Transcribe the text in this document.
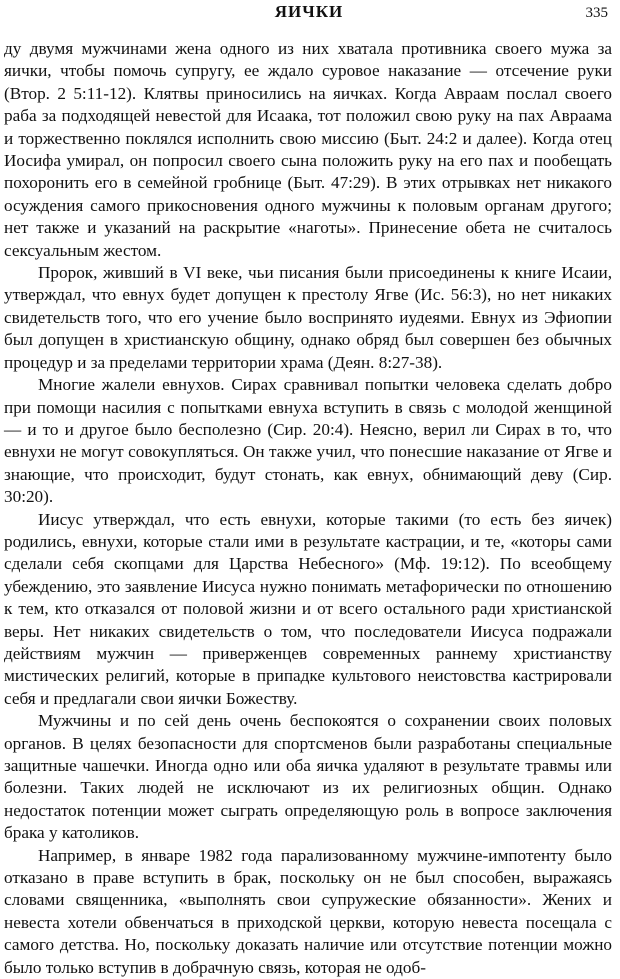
ЯИЧКИ	335

ду двумя мужчинами жена одного из них хватала противника своего мужа за яички, чтобы помочь супругу, ее ждало суровое наказание — отсечение руки (Втор. 2 5:11-12). Клятвы приносились на яичках. Когда Авраам послал своего раба за подходящей невестой для Исаака, тот положил свою руку на пах Авраама и торжественно поклялся исполнить свою миссию (Быт. 24:2 и далее). Когда отец Иосифа умирал, он попросил своего сына положить руку на его пах и пообещать похоронить его в семейной гробнице (Быт. 47:29). В этих отрывках нет никакого осуждения самого прикосновения одного мужчины к половым органам другого; нет также и указаний на раскрытие «наготы». Принесение обета не считалось сексуальным жестом.

Пророк, живший в VI веке, чьи писания были присоединены к книге Исаии, утверждал, что евнух будет допущен к престолу Ягве (Ис. 56:3), но нет никаких свидетельств того, что его учение было воспринято иудеями. Евнух из Эфиопии был допущен в христианскую общину, однако обряд был совершен без обычных процедур и за пределами территории храма (Деян. 8:27-38).

Многие жалели евнухов. Сирах сравнивал попытки человека сделать добро при помощи насилия с попытками евнуха вступить в связь с молодой женщиной — и то и другое было бесполезно (Сир. 20:4). Неясно, верил ли Сирах в то, что евнухи не могут совокупляться. Он также учил, что понесшие наказание от Ягве и знающие, что происходит, будут стонать, как евнух, обнимающий деву (Сир. 30:20).

Иисус утверждал, что есть евнухи, которые такими (то есть без яичек) родились, евнухи, которые стали ими в результате кастрации, и те, «которы сами сделали себя скопцами для Царства Небесного» (Мф. 19:12). По всеобщему убеждению, это заявление Иисуса нужно понимать метафорически по отношению к тем, кто отказался от половой жизни и от всего остального ради христианской веры. Нет никаких свидетельств о том, что последователи Иисуса подражали действиям мужчин — приверженцев современных раннему христианству мистических религий, которые в припадке культового неистовства кастрировали себя и предлагали свои яички Божеству.

Мужчины и по сей день очень беспокоятся о сохранении своих половых органов. В целях безопасности для спортсменов были разработаны специальные защитные чашечки. Иногда одно или оба яичка удаляют в результате травмы или болезни. Таких людей не исключают из их религиозных общин. Однако недостаток потенции может сыграть определяющую роль в вопросе заключения брака у католиков.

Например, в январе 1982 года парализованному мужчине-импотенту было отказано в праве вступить в брак, поскольку он не был способен, выражаясь словами священника, «выполнять свои супружеские обязанности». Жених и невеста хотели обвенчаться в приходской церкви, которую невеста посещала с самого детства. Но, поскольку доказать наличие или отсутствие потенции можно было только вступив в добрачную связь, которая не одоб-
